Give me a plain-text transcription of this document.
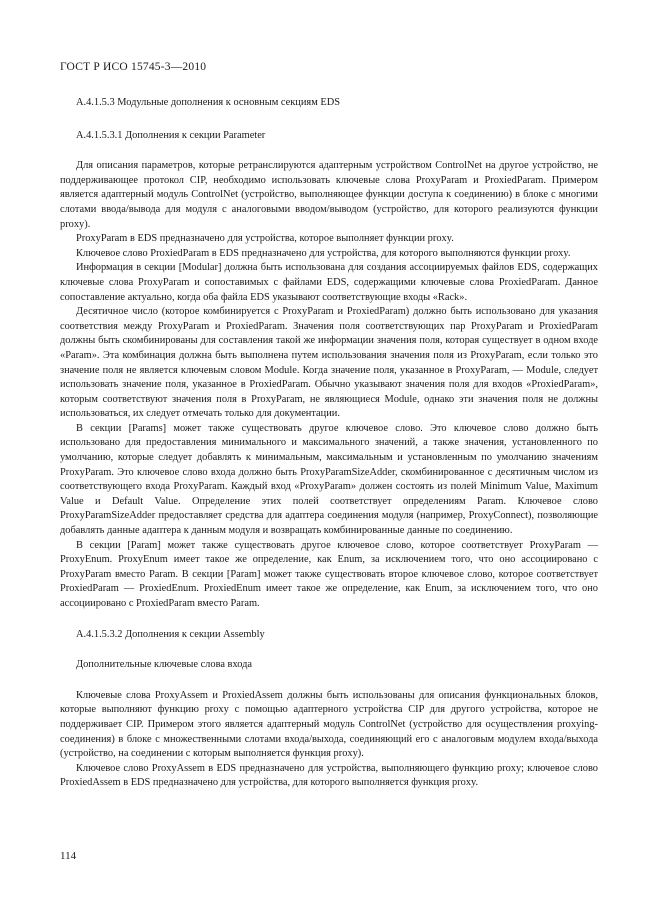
ГОСТ Р ИСО 15745-3—2010

А.4.1.5.3 Модульные дополнения к основным секциям EDS

А.4.1.5.3.1 Дополнения к секции Parameter

Для описания параметров, которые ретранслируются адаптерным устройством ControlNet на другое устройство, не поддерживающее протокол CIP, необходимо использовать ключевые слова ProxyParam и ProxiedParam. Примером является адаптерный модуль ControlNet (устройство, выполняющее функции доступа к соединению) в блоке с многими слотами ввода/вывода для модуля с аналоговыми вводом/выводом (устройство, для которого реализуются функции proxy).

ProxyParam в EDS предназначено для устройства, которое выполняет функции proxy.

Ключевое слово ProxiedParam в EDS предназначено для устройства, для которого выполняются функции proxy.

Информация в секции [Modular] должна быть использована для создания ассоциируемых файлов EDS, содержащих ключевые слова ProxyParam и сопоставимых с файлами EDS, содержащими ключевые слова ProxiedParam. Данное сопоставление актуально, когда оба файла EDS указывают соответствующие входы «Rack».

Десятичное число (которое комбинируется с ProxyParam и ProxiedParam) должно быть использовано для указания соответствия между ProxyParam и ProxiedParam. Значения поля соответствующих пар ProxyParam и ProxiedParam должны быть скомбинированы для составления такой же информации значения поля, которая существует в одном входе «Param». Эта комбинация должна быть выполнена путем использования значения поля из ProxyParam, если только это значение поля не является ключевым словом Module. Когда значение поля, указанное в ProxyParam, — Module, следует использовать значение поля, указанное в ProxiedParam. Обычно указывают значения поля для входов «ProxiedParam», которым соответствуют значения поля в ProxyParam, не являющиеся Module, однако эти значения поля не должны использоваться, их следует отмечать только для документации.

В секции [Params] может также существовать другое ключевое слово. Это ключевое слово должно быть использовано для предоставления минимального и максимального значений, а также значения, установленного по умолчанию, которые следует добавлять к минимальным, максимальным и установленным по умолчанию значениям ProxyParam. Это ключевое слово входа должно быть ProxyParamSizeAdder, скомбинированное с десятичным числом из соответствующего входа ProxyParam. Каждый вход «ProxyParam» должен состоять из полей Minimum Value, Maximum Value и Default Value. Определение этих полей соответствует определениям Param. Ключевое слово ProxyParamSizeAdder предоставляет средства для адаптера соединения модуля (например, ProxyConnect), позволяющие добавлять данные адаптера к данным модуля и возвращать комбинированные данные по соединению.

В секции [Param] может также существовать другое ключевое слово, которое соответствует ProxyParam — ProxyEnum. ProxyEnum имеет такое же определение, как Enum, за исключением того, что оно ассоциировано с ProxyParam вместо Param. В секции [Param] может также существовать второе ключевое слово, которое соответствует ProxiedParam — ProxiedEnum. ProxiedEnum имеет такое же определение, как Enum, за исключением того, что оно ассоциировано с ProxiedParam вместо Param.

А.4.1.5.3.2 Дополнения к секции Assembly

Дополнительные ключевые слова входа

Ключевые слова ProxyAssem и ProxiedAssem должны быть использованы для описания функциональных блоков, которые выполняют функцию proxy с помощью адаптерного устройства CIP для другого устройства, которое не поддерживает CIP. Примером этого является адаптерный модуль ControlNet (устройство для осуществления proxying-соединения) в блоке с множественными слотами входа/выхода, соединяющий его с аналоговым модулем входа/выхода (устройство, на соединении с которым выполняется функция proxy).

Ключевое слово ProxyAssem в EDS предназначено для устройства, выполняющего функцию proxy; ключевое слово ProxiedAssem в EDS предназначено для устройства, для которого выполняется функция proxy.

114
